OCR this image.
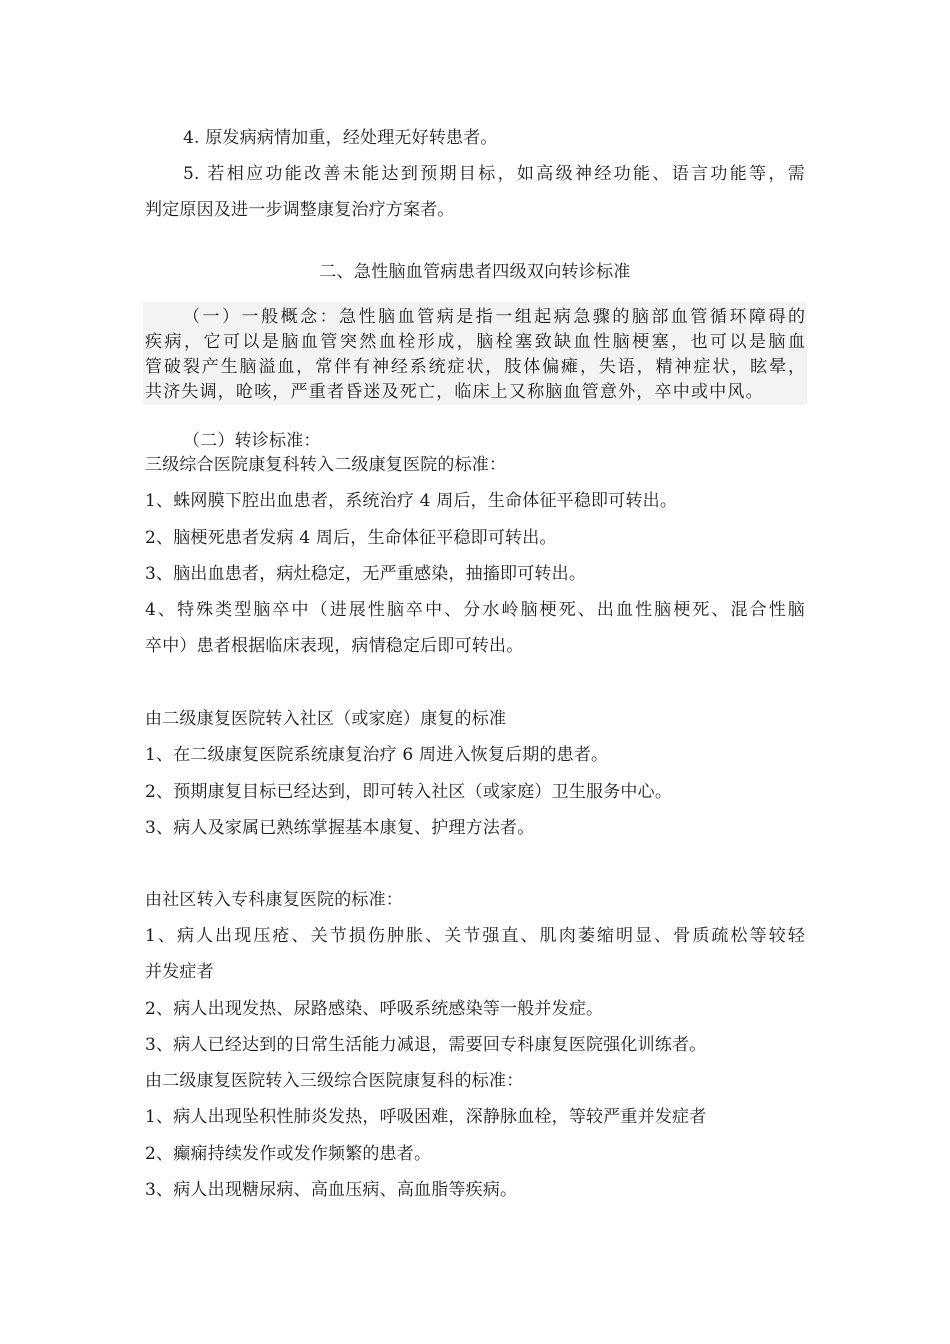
4. 原发病病情加重，经处理无好转患者。
5. 若相应功能改善未能达到预期目标，如高级神经功能、语言功能等，需
判定原因及进一步调整康复治疗方案者。
二、急性脑血管病患者四级双向转诊标准
（一）一般概念：急性脑血管病是指一组起病急骤的脑部血管循环障碍的
疾病，它可以是脑血管突然血栓形成，脑栓塞致缺血性脑梗塞，也可以是脑血
管破裂产生脑溢血，常伴有神经系统症状，肢体偏瘫，失语，精神症状，眩晕，
共济失调，呛咳，严重者昏迷及死亡，临床上又称脑血管意外，卒中或中风。
（二）转诊标准：
三级综合医院康复科转入二级康复医院的标准：
1、蛛网膜下腔出血患者，系统治疗 4 周后，生命体征平稳即可转出。
2、脑梗死患者发病 4 周后，生命体征平稳即可转出。
3、脑出血患者，病灶稳定，无严重感染，抽搐即可转出。
4、特殊类型脑卒中（进展性脑卒中、分水岭脑梗死、出血性脑梗死、混合性脑
卒中）患者根据临床表现，病情稳定后即可转出。
由二级康复医院转入社区（或家庭）康复的标准
1、在二级康复医院系统康复治疗 6 周进入恢复后期的患者。
2、预期康复目标已经达到，即可转入社区（或家庭）卫生服务中心。
3、病人及家属已熟练掌握基本康复、护理方法者。
由社区转入专科康复医院的标准：
1、病人出现压疮、关节损伤肿胀、关节强直、肌肉萎缩明显、骨质疏松等较轻
并发症者
2、病人出现发热、尿路感染、呼吸系统感染等一般并发症。
3、病人已经达到的日常生活能力减退，需要回专科康复医院强化训练者。
由二级康复医院转入三级综合医院康复科的标准：
1、病人出现坠积性肺炎发热，呼吸困难，深静脉血栓，等较严重并发症者
2、癫痫持续发作或发作频繁的患者。
3、病人出现糖尿病、高血压病、高血脂等疾病。
